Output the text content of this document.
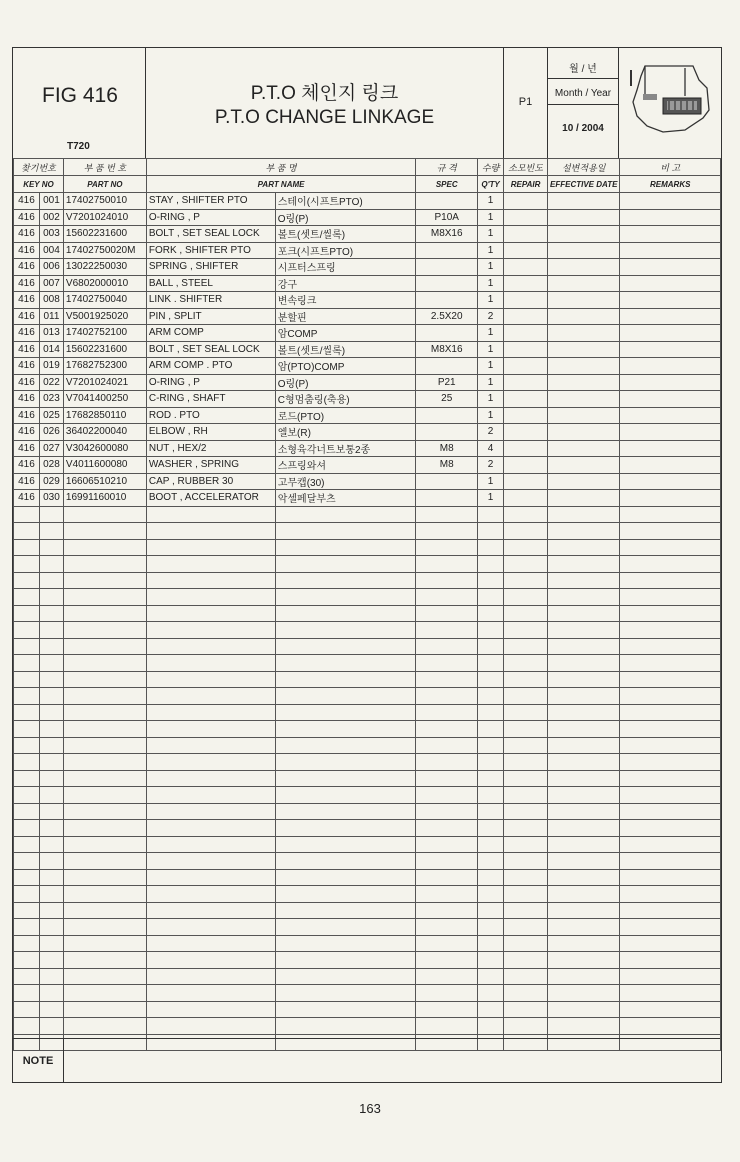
FIG 416
T720
P.T.O 체인지 링크
P.T.O CHANGE LINKAGE
P1
월 / 년
Month / Year
10 / 2004
찾기번호		부 품 번 호	부 품 명		규 격	수량	소모빈도	설변적용일	비 고
KEY NO		PART NO	PART NAME		SPEC	Q'TY	REPAIR	EFFECTIVE DATE	REMARKS
416	001	17402750010	STAY , SHIFTER PTO	스테이(시프트PTO)		1			
416	002	V7201024010	O-RING , P	O링(P)	P10A	1			
416	003	15602231600	BOLT , SET SEAL LOCK	볼트(셋트/씰록)	M8X16	1			
416	004	17402750020M	FORK , SHIFTER PTO	포크(시프트PTO)		1			
416	006	13022250030	SPRING , SHIFTER	시프터스프링		1			
416	007	V6802000010	BALL , STEEL	강구		1			
416	008	17402750040	LINK . SHIFTER	변속링크		1			
416	011	V5001925020	PIN , SPLIT	분할핀	2.5X20	2			
416	013	17402752100	ARM COMP	암COMP		1			
416	014	15602231600	BOLT , SET SEAL LOCK	볼트(셋트/씰록)	M8X16	1			
416	019	17682752300	ARM COMP . PTO	암(PTO)COMP		1			
416	022	V7201024021	O-RING , P	O링(P)	P21	1			
416	023	V7041400250	C-RING , SHAFT	C형멈춤링(축용)	25	1			
416	025	17682850110	ROD . PTO	로드(PTO)		1			
416	026	36402200040	ELBOW , RH	엘보(R)		2			
416	027	V3042600080	NUT , HEX/2	소형육각너트보통2종	M8	4			
416	028	V4011600080	WASHER , SPRING	스프링와셔	M8	2			
416	029	16606510210	CAP , RUBBER 30	고무캡(30)		1			
416	030	16991160010	BOOT , ACCELERATOR	악셀페달부츠		1			

NOTE
163
